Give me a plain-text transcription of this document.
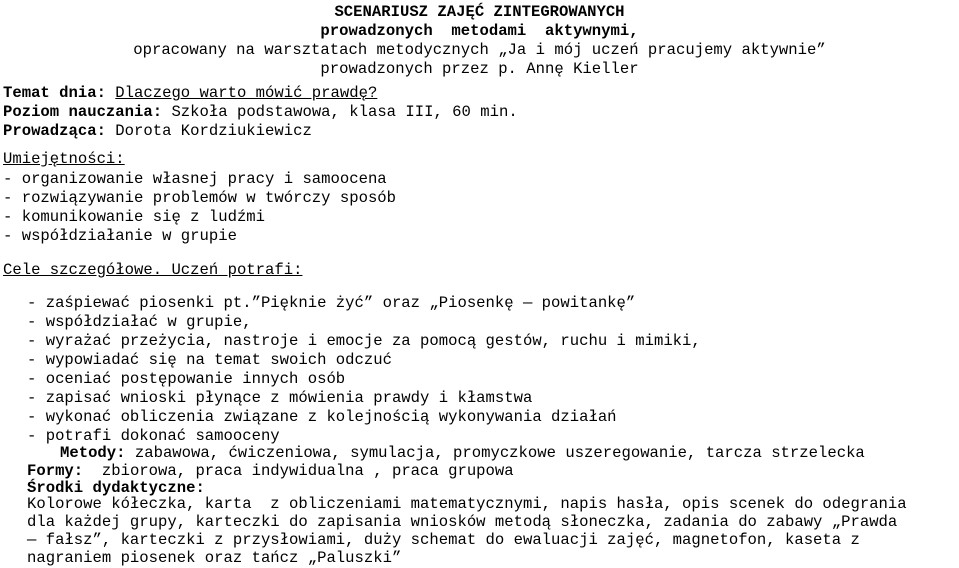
SCENARIUSZ ZAJĘĆ ZINTEGROWANYCH
prowadzonych  metodami  aktywnymi,
opracowany na warsztatach metodycznych „Ja i mój uczeń pracujemy aktywnie”
prowadzonych przez p. Annę Kieller
Temat dnia: Dlaczego warto mówić prawdę?
Poziom nauczania: Szkoła podstawowa, klasa III, 60 min.
Prowadząca: Dorota Kordziukiewicz
Umiejętności:
- organizowanie własnej pracy i samoocena
- rozwiązywanie problemów w twórczy sposób
- komunikowanie się z ludźmi
- współdziałanie w grupie
Cele szczegółowe. Uczeń potrafi:
- zaśpiewać piosenki pt.”Pięknie żyć” oraz „Piosenkę — powitankę”
- współdziałać w grupie,
- wyrażać przeżycia, nastroje i emocje za pomocą gestów, ruchu i mimiki,
- wypowiadać się na temat swoich odczuć
- oceniać postępowanie innych osób
- zapisać wnioski płynące z mówienia prawdy i kłamstwa
- wykonać obliczenia związane z kolejnością wykonywania działań
- potrafi dokonać samooceny
Metody: zabawowa, ćwiczeniowa, symulacja, promyczkowe uszeregowanie, tarcza strzelecka
Formy:  zbiorowa, praca indywidualna , praca grupowa
Środki dydaktyczne:
Kolorowe kółeczka, karta  z obliczeniami matematycznymi, napis hasła, opis scenek do odegrania
dla każdej grupy, karteczki do zapisania wniosków metodą słoneczka, zadania do zabawy „Prawda
— fałsz”, karteczki z przysłowiami, duży schemat do ewaluacji zajęć, magnetofon, kaseta z
nagraniem piosenek oraz tańcz „Paluszki”
